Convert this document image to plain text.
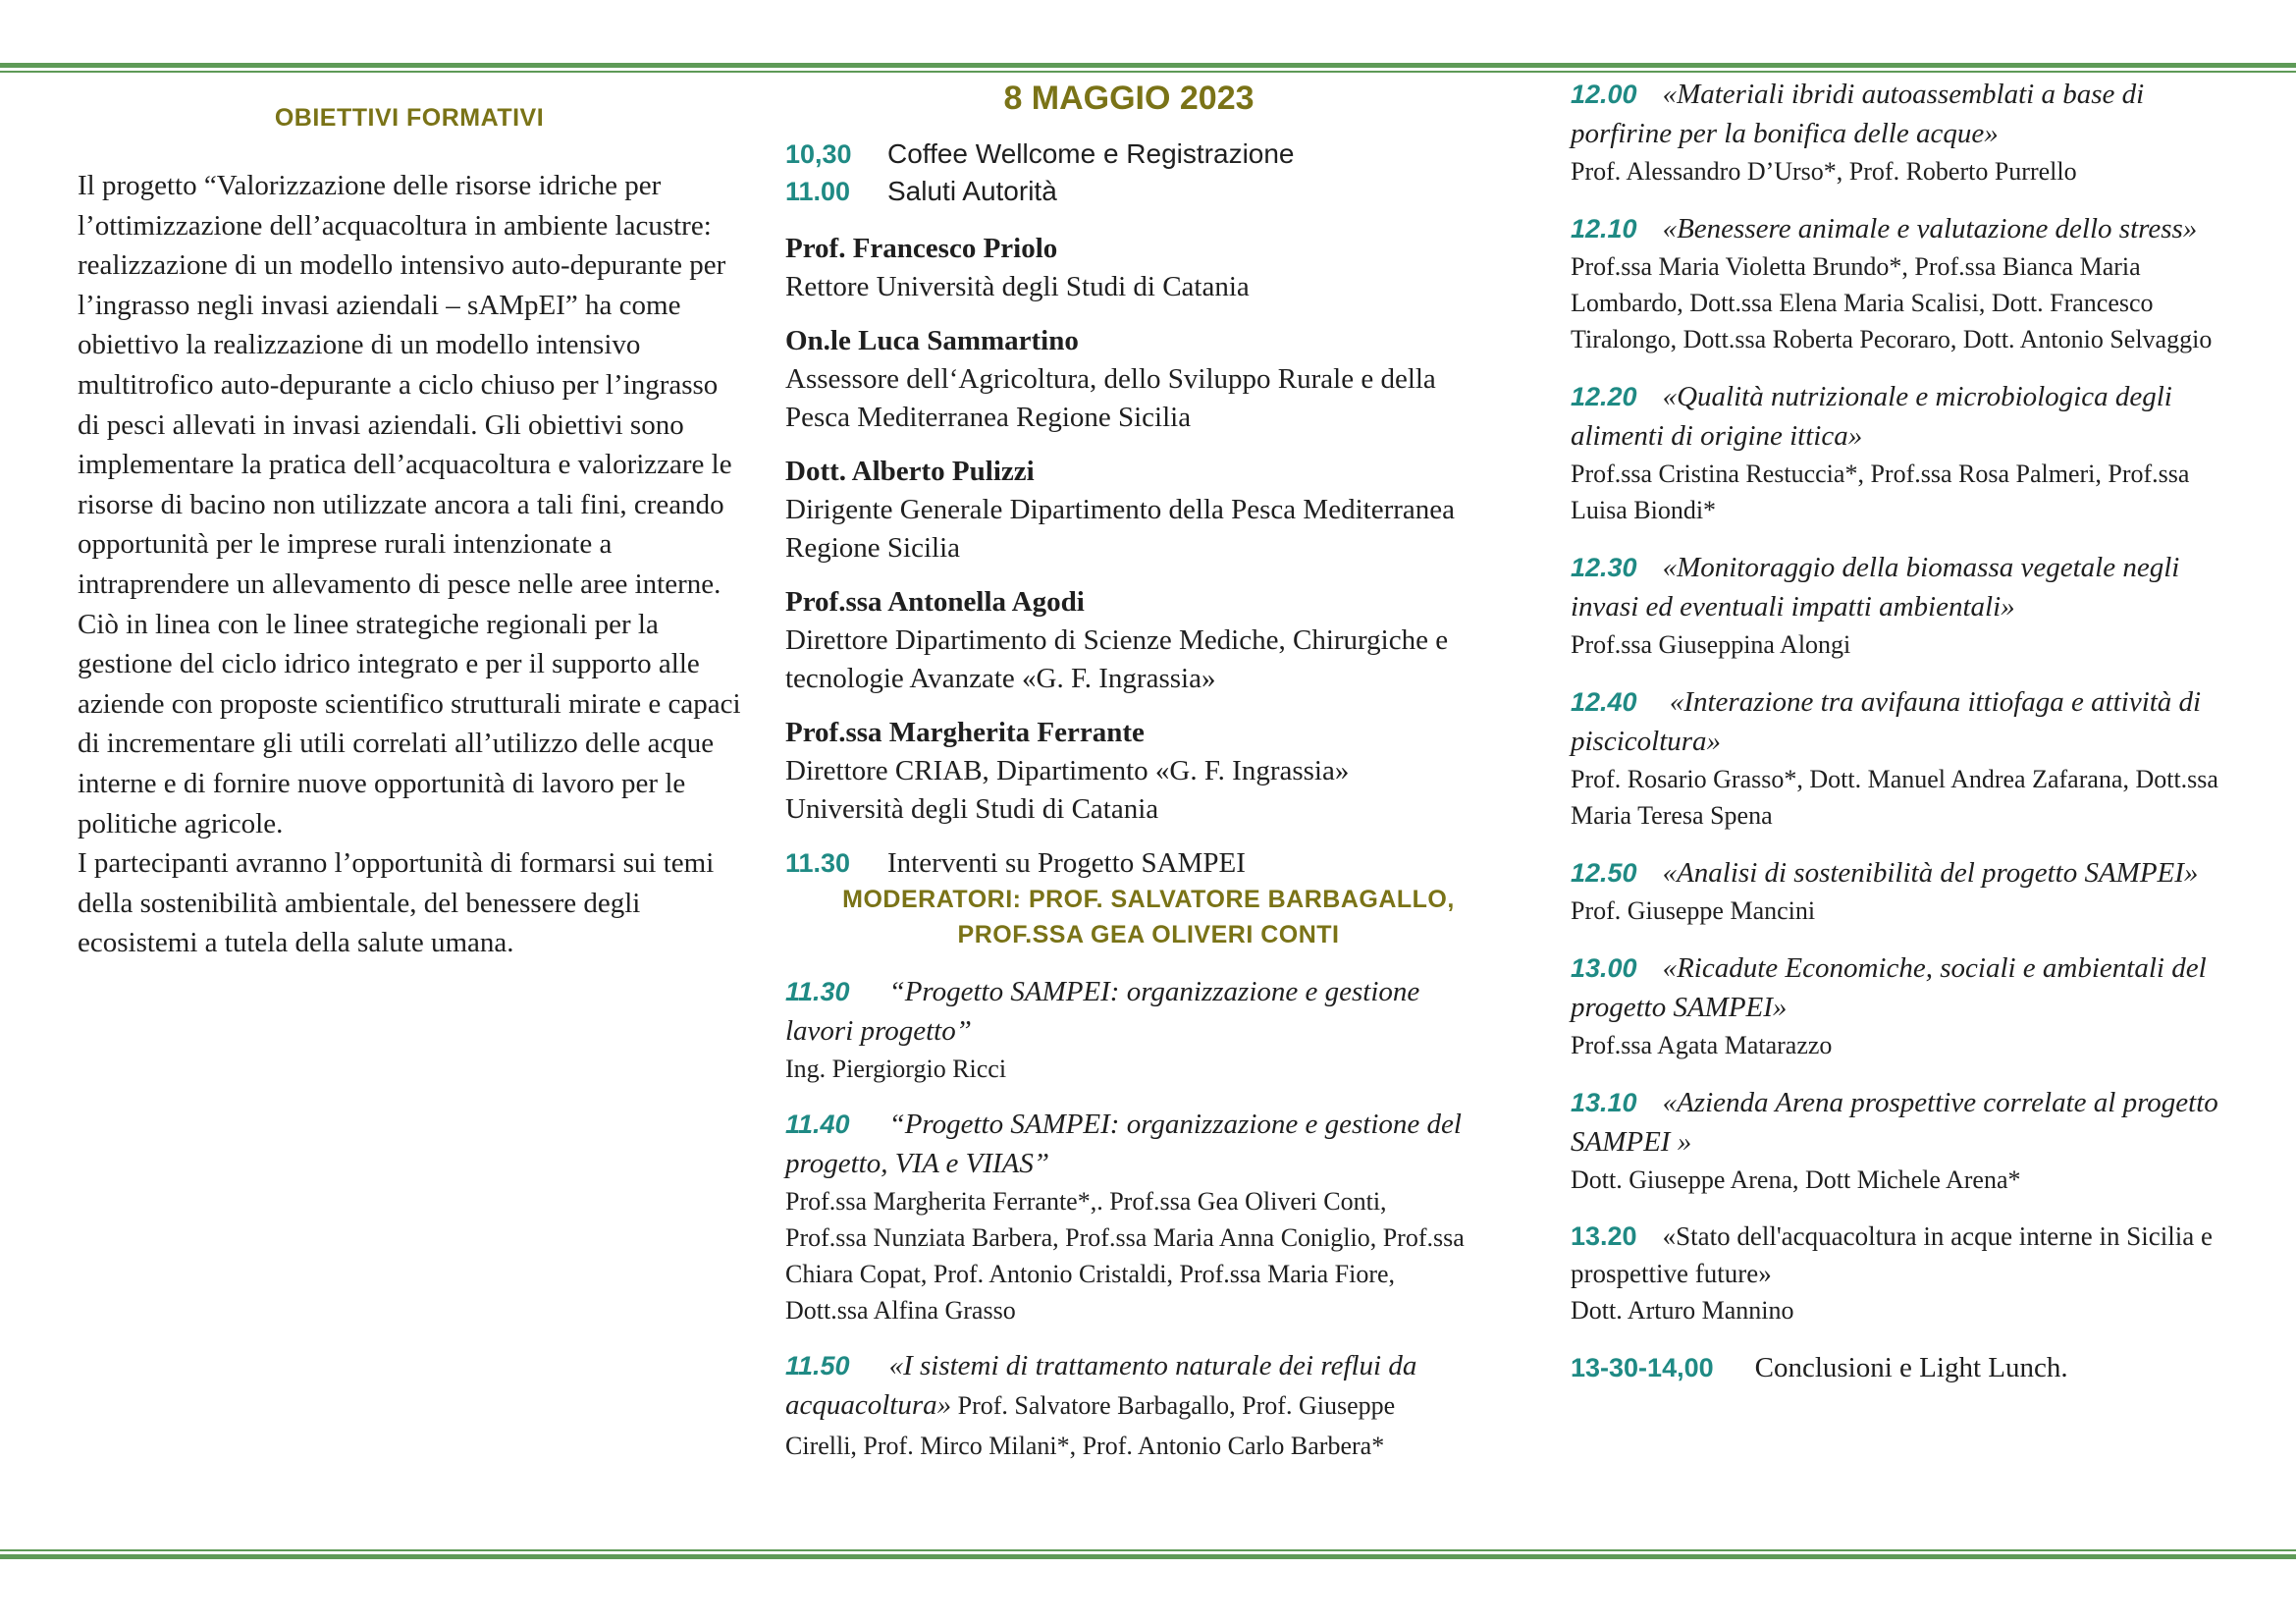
OBIETTIVI FORMATIVI

Il progetto “Valorizzazione delle risorse idriche per l’ottimizzazione dell’acquacoltura in ambiente lacustre: realizzazione di un modello intensivo auto-depurante per l’ingrasso negli invasi aziendali – sAMpEI” ha come obiettivo la realizzazione di un modello intensivo multitrofico auto-depurante a ciclo chiuso per l’ingrasso di pesci allevati in invasi aziendali. Gli obiettivi sono implementare la pratica dell’acquacoltura e valorizzare le risorse di bacino non utilizzate ancora a tali fini, creando opportunità per le imprese rurali intenzionate a intraprendere un allevamento di pesce nelle aree interne. Ciò in linea con le linee strategiche regionali per la gestione del ciclo idrico integrato e per il supporto alle aziende con proposte scientifico strutturali mirate e capaci di incrementare gli utili correlati all’utilizzo delle acque interne e di fornire nuove opportunità di lavoro per le politiche agricole.

I partecipanti avranno l’opportunità di formarsi sui temi della sostenibilità ambientale, del benessere degli ecosistemi a tutela della salute umana.

8 MAGGIO 2023
10,30 Coffee Wellcome e Registrazione
11.00 Saluti Autorità
Prof. Francesco Priolo
Rettore Università degli Studi di Catania
On.le Luca Sammartino
Assessore dell‘Agricoltura, dello Sviluppo Rurale e della Pesca Mediterranea Regione Sicilia
Dott. Alberto Pulizzi
Dirigente Generale Dipartimento della Pesca Mediterranea Regione Sicilia
Prof.ssa Antonella Agodi
Direttore Dipartimento di Scienze Mediche, Chirurgiche e tecnologie Avanzate «G. F. Ingrassia»
Prof.ssa Margherita Ferrante
Direttore CRIAB, Dipartimento «G. F. Ingrassia» Università degli Studi di Catania
11.30 Interventi su Progetto SAMPEI
MODERATORI: PROF. SALVATORE BARBAGALLO,
PROF.SSA GEA OLIVERI CONTI
11.30 “Progetto SAMPEI: organizzazione e gestione lavori progetto”
Ing. Piergiorgio Ricci
11.40 “Progetto SAMPEI: organizzazione e gestione del progetto, VIA e VIIAS”
Prof.ssa Margherita Ferrante*,. Prof.ssa Gea Oliveri Conti, Prof.ssa Nunziata Barbera, Prof.ssa Maria Anna Coniglio, Prof.ssa Chiara Copat, Prof. Antonio Cristaldi, Prof.ssa Maria Fiore, Dott.ssa Alfina Grasso
11.50 «I sistemi di trattamento naturale dei reflui da acquacoltura» Prof. Salvatore Barbagallo, Prof. Giuseppe Cirelli, Prof. Mirco Milani*, Prof. Antonio Carlo Barbera*
12.00 «Materiali ibridi autoassemblati a base di porfirine per la bonifica delle acque»
Prof. Alessandro D’Urso*, Prof. Roberto Purrello
12.10 «Benessere animale e valutazione dello stress»
Prof.ssa Maria Violetta Brundo*, Prof.ssa Bianca Maria Lombardo, Dott.ssa Elena Maria Scalisi, Dott. Francesco Tiralongo, Dott.ssa Roberta Pecoraro, Dott. Antonio Selvaggio
12.20 «Qualità nutrizionale e microbiologica degli alimenti di origine ittica»
Prof.ssa Cristina Restuccia*, Prof.ssa Rosa Palmeri, Prof.ssa Luisa Biondi*
12.30 «Monitoraggio della biomassa vegetale negli invasi ed eventuali impatti ambientali»
Prof.ssa Giuseppina Alongi
12.40 «Interazione tra avifauna ittiofaga e attività di piscicoltura»
Prof. Rosario Grasso*, Dott. Manuel Andrea Zafarana, Dott.ssa Maria Teresa Spena
12.50 «Analisi di sostenibilità del progetto SAMPEI»
Prof. Giuseppe Mancini
13.00 «Ricadute Economiche, sociali e ambientali del progetto SAMPEI»
Prof.ssa Agata Matarazzo
13.10 «Azienda Arena prospettive correlate al progetto SAMPEI »
Dott. Giuseppe Arena, Dott Michele Arena*
13.20 «Stato dell'acquacoltura in acque interne in Sicilia e prospettive future»
Dott. Arturo Mannino
13-30-14,00 Conclusioni e Light Lunch.
